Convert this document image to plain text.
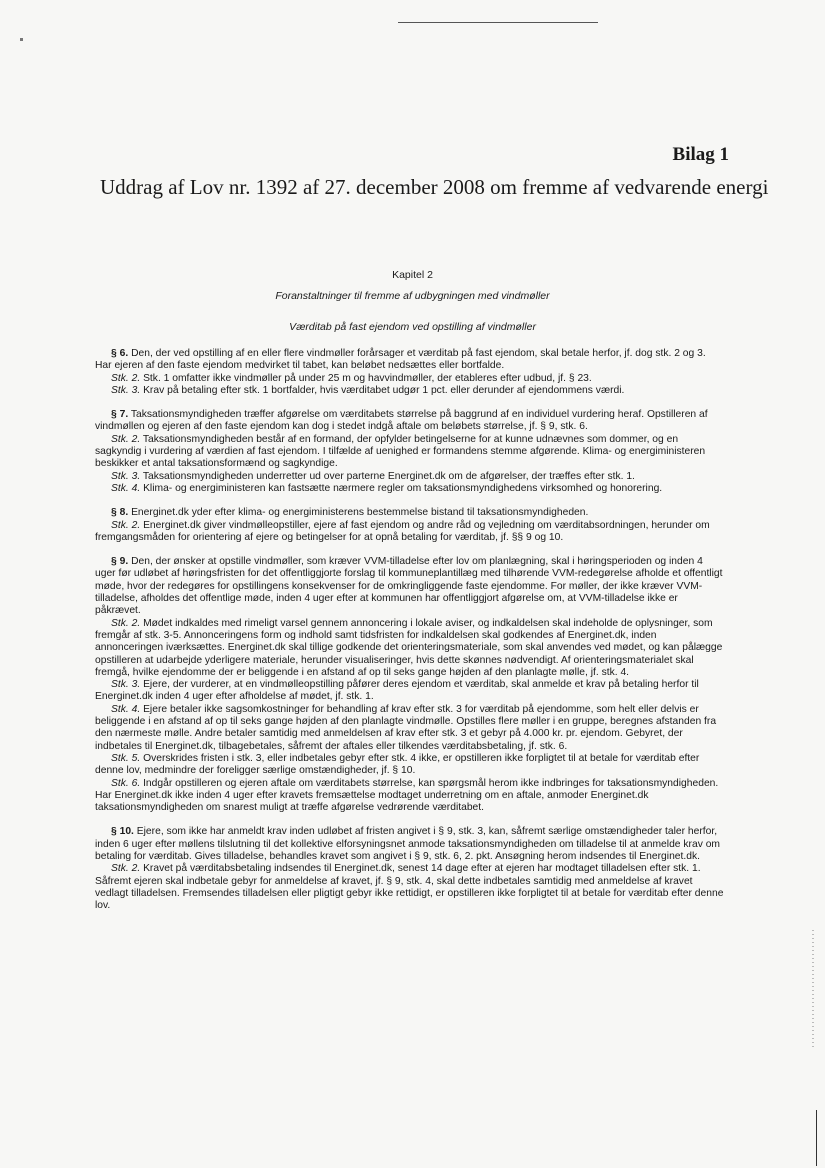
Bilag 1
Uddrag af Lov nr. 1392 af 27. december 2008 om fremme af vedvarende energi
Kapitel 2
Foranstaltninger til fremme af udbygningen med vindmøller
Værditab på fast ejendom ved opstilling af vindmøller

§ 6. Den, der ved opstilling af en eller flere vindmøller forårsager et værditab på fast ejendom, skal betale herfor, jf. dog stk. 2 og 3. Har ejeren af den faste ejendom medvirket til tabet, kan beløbet nedsættes eller bortfalde.

Stk. 2. Stk. 1 omfatter ikke vindmøller på under 25 m og havvindmøller, der etableres efter udbud, jf. § 23.

Stk. 3. Krav på betaling efter stk. 1 bortfalder, hvis værditabet udgør 1 pct. eller derunder af ejendommens værdi.

§ 7. Taksationsmyndigheden træffer afgørelse om værditabets størrelse på baggrund af en individuel vurdering heraf. Opstilleren af vindmøllen og ejeren af den faste ejendom kan dog i stedet indgå aftale om beløbets størrelse, jf. § 9, stk. 6.

Stk. 2. Taksationsmyndigheden består af en formand, der opfylder betingelserne for at kunne udnævnes som dommer, og en sagkyndig i vurdering af værdien af fast ejendom. I tilfælde af uenighed er formandens stemme afgørende. Klima- og energiministeren beskikker et antal taksationsformænd og sagkyndige.

Stk. 3. Taksationsmyndigheden underretter ud over parterne Energinet.dk om de afgørelser, der træffes efter stk. 1.

Stk. 4. Klima- og energiministeren kan fastsætte nærmere regler om taksationsmyndighedens virksomhed og honorering.

§ 8. Energinet.dk yder efter klima- og energiministerens bestemmelse bistand til taksationsmyndigheden.

Stk. 2. Energinet.dk giver vindmølleopstiller, ejere af fast ejendom og andre råd og vejledning om værditabsordningen, herunder om fremgangsmåden for orientering af ejere og betingelser for at opnå betaling for værditab, jf. §§ 9 og 10.

§ 9. Den, der ønsker at opstille vindmøller, som kræver VVM-tilladelse efter lov om planlægning, skal i høringsperioden og inden 4 uger før udløbet af høringsfristen for det offentliggjorte forslag til kommuneplantillæg med tilhørende VVM-redegørelse afholde et offentligt møde, hvor der redegøres for opstillingens konsekvenser for de omkringliggende faste ejendomme. For møller, der ikke kræver VVM-tilladelse, afholdes det offentlige møde, inden 4 uger efter at kommunen har offentliggjort afgørelse om, at VVM-tilladelse ikke er påkrævet.

Stk. 2. Mødet indkaldes med rimeligt varsel gennem annoncering i lokale aviser, og indkaldelsen skal indeholde de oplysninger, som fremgår af stk. 3-5. Annonceringens form og indhold samt tidsfristen for indkaldelsen skal godkendes af Energinet.dk, inden annonceringen iværksættes. Energinet.dk skal tillige godkende det orienteringsmateriale, som skal anvendes ved mødet, og kan pålægge opstilleren at udarbejde yderligere materiale, herunder visualiseringer, hvis dette skønnes nødvendigt. Af orienteringsmaterialet skal fremgå, hvilke ejendomme der er beliggende i en afstand af op til seks gange højden af den planlagte mølle, jf. stk. 4.

Stk. 3. Ejere, der vurderer, at en vindmølleopstilling påfører deres ejendom et værditab, skal anmelde et krav på betaling herfor til Energinet.dk inden 4 uger efter afholdelse af mødet, jf. stk. 1.

Stk. 4. Ejere betaler ikke sagsomkostninger for behandling af krav efter stk. 3 for værditab på ejendomme, som helt eller delvis er beliggende i en afstand af op til seks gange højden af den planlagte vindmølle. Opstilles flere møller i en gruppe, beregnes afstanden fra den nærmeste mølle. Andre betaler samtidig med anmeldelsen af krav efter stk. 3 et gebyr på 4.000 kr. pr. ejendom. Gebyret, der indbetales til Energinet.dk, tilbagebetales, såfremt der aftales eller tilkendes værditabsbetaling, jf. stk. 6.

Stk. 5. Overskrides fristen i stk. 3, eller indbetales gebyr efter stk. 4 ikke, er opstilleren ikke forpligtet til at betale for værditab efter denne lov, medmindre der foreligger særlige omstændigheder, jf. § 10.

Stk. 6. Indgår opstilleren og ejeren aftale om værditabets størrelse, kan spørgsmål herom ikke indbringes for taksationsmyndigheden. Har Energinet.dk ikke inden 4 uger efter kravets fremsættelse modtaget underretning om en aftale, anmoder Energinet.dk taksationsmyndigheden om snarest muligt at træffe afgørelse vedrørende værditabet.

§ 10. Ejere, som ikke har anmeldt krav inden udløbet af fristen angivet i § 9, stk. 3, kan, såfremt særlige omstændigheder taler herfor, inden 6 uger efter møllens tilslutning til det kollektive elforsyningsnet anmode taksationsmyndigheden om tilladelse til at anmelde krav om betaling for værditab. Gives tilladelse, behandles kravet som angivet i § 9, stk. 6, 2. pkt. Ansøgning herom indsendes til Energinet.dk.

Stk. 2. Kravet på værditabsbetaling indsendes til Energinet.dk, senest 14 dage efter at ejeren har modtaget tilladelsen efter stk. 1. Såfremt ejeren skal indbetale gebyr for anmeldelse af kravet, jf. § 9, stk. 4, skal dette indbetales samtidig med anmeldelse af kravet vedlagt tilladelsen. Fremsendes tilladelsen eller pligtigt gebyr ikke rettidigt, er opstilleren ikke forpligtet til at betale for værditab efter denne lov.
